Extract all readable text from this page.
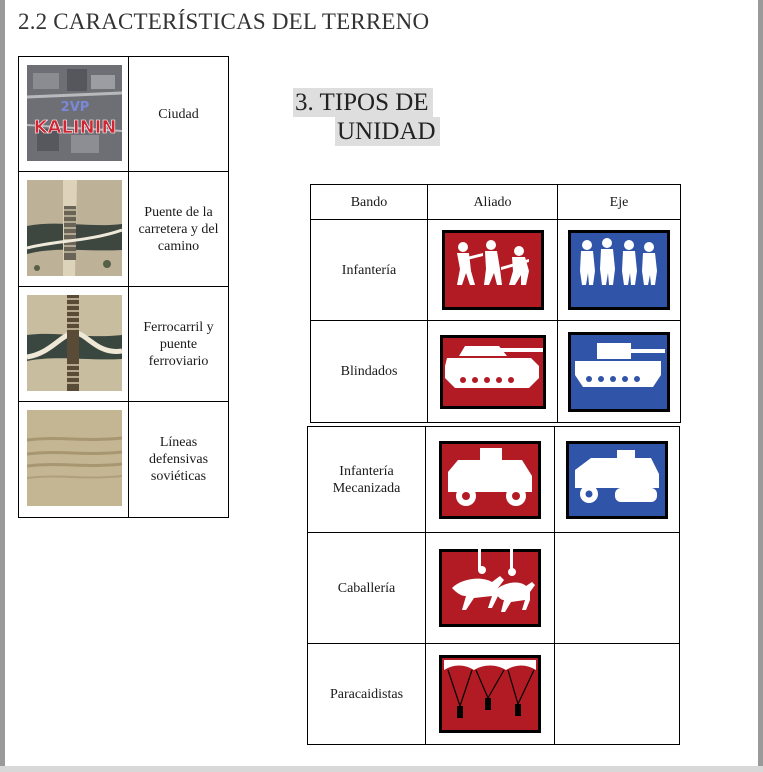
2.2 CARACTERÍSTICAS DEL TERRENO
3. TIPOS DE
UNIDAD
2VP
KALININ
Ciudad
Puente de la carretera y del camino
Ferrocarril y puente ferroviario
Líneas defensivas soviéticas
Bando	Aliado	Eje
Infantería	

Blindados	

Infantería Mecanizada	

Caballería	

Paracaidistas	
